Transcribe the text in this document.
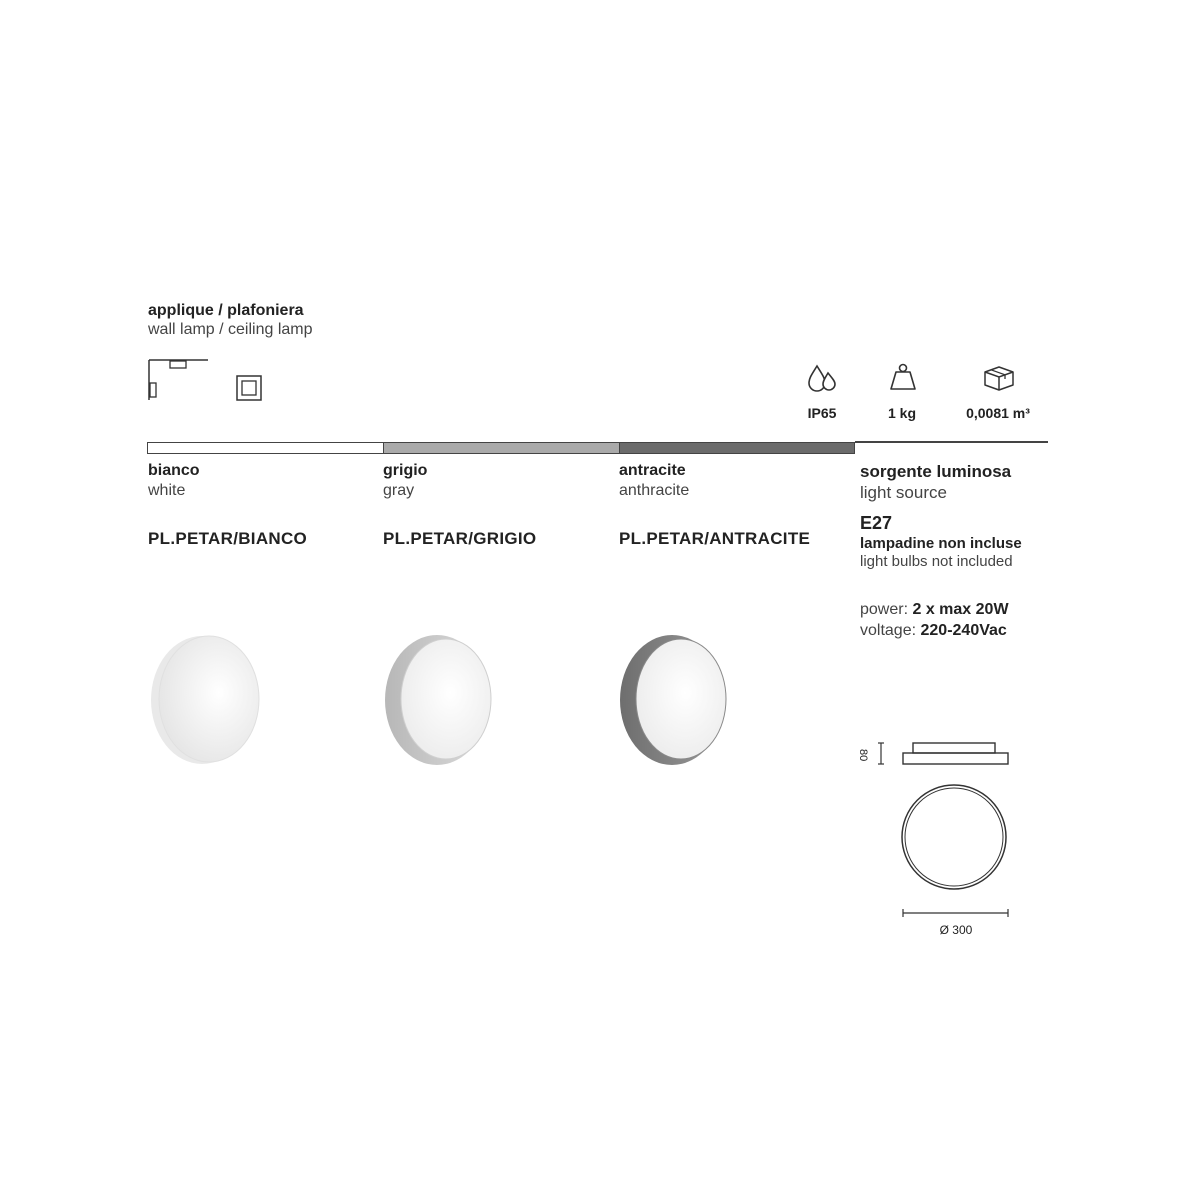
applique / plafoniera
wall lamp / ceiling lamp
IP65	1 kg	0,0081 m³
bianco
white
PL.PETAR/BIANCO
grigio
gray
PL.PETAR/GRIGIO
antracite
anthracite
PL.PETAR/ANTRACITE
sorgente luminosa
light source
E27
lampadine non incluse
light bulbs not included
power: 2 x max 20W
voltage: 220-240Vac
80
Ø 300
